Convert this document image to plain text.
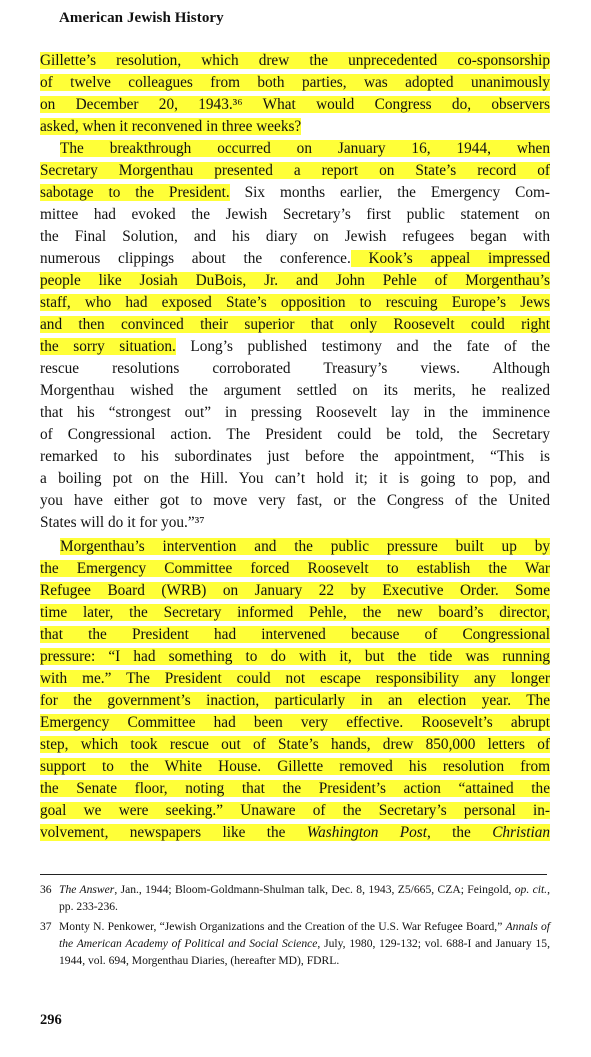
American Jewish History
Gillette’s resolution, which drew the unprecedented co-sponsorship
of twelve colleagues from both parties, was adopted unanimously
on December 20, 1943.³⁶ What would Congress do, observers
asked, when it reconvened in three weeks?
The breakthrough occurred on January 16, 1944, when
Secretary Morgenthau presented a report on State’s record of
sabotage to the President. Six months earlier, the Emergency Com-
mittee had evoked the Jewish Secretary’s first public statement on
the Final Solution, and his diary on Jewish refugees began with
numerous clippings about the conference. Kook’s appeal impressed
people like Josiah DuBois, Jr. and John Pehle of Morgenthau’s
staff, who had exposed State’s opposition to rescuing Europe’s Jews
and then convinced their superior that only Roosevelt could right
the sorry situation. Long’s published testimony and the fate of the
rescue resolutions corroborated Treasury’s views. Although
Morgenthau wished the argument settled on its merits, he realized
that his “strongest out” in pressing Roosevelt lay in the imminence
of Congressional action. The President could be told, the Secretary
remarked to his subordinates just before the appointment, “This is
a boiling pot on the Hill. You can’t hold it; it is going to pop, and
you have either got to move very fast, or the Congress of the United
States will do it for you.”³⁷
Morgenthau’s intervention and the public pressure built up by
the Emergency Committee forced Roosevelt to establish the War
Refugee Board (WRB) on January 22 by Executive Order. Some
time later, the Secretary informed Pehle, the new board’s director,
that the President had intervened because of Congressional
pressure: “I had something to do with it, but the tide was running
with me.” The President could not escape responsibility any longer
for the government’s inaction, particularly in an election year. The
Emergency Committee had been very effective. Roosevelt’s abrupt
step, which took rescue out of State’s hands, drew 850,000 letters of
support to the White House. Gillette removed his resolution from
the Senate floor, noting that the President’s action “attained the
goal we were seeking.” Unaware of the Secretary’s personal in-
volvement, newspapers like the Washington Post, the Christian
36 The Answer, Jan., 1944; Bloom-Goldmann-Shulman talk, Dec. 8, 1943, Z5/665, CZA; Feingold, op. cit., pp. 233-236.
37 Monty N. Penkower, “Jewish Organizations and the Creation of the U.S. War Refugee Board,” Annals of the American Academy of Political and Social Science, July, 1980, 129-132; vol. 688-I and January 15, 1944, vol. 694, Morgenthau Diaries, (hereafter MD), FDRL.
296
